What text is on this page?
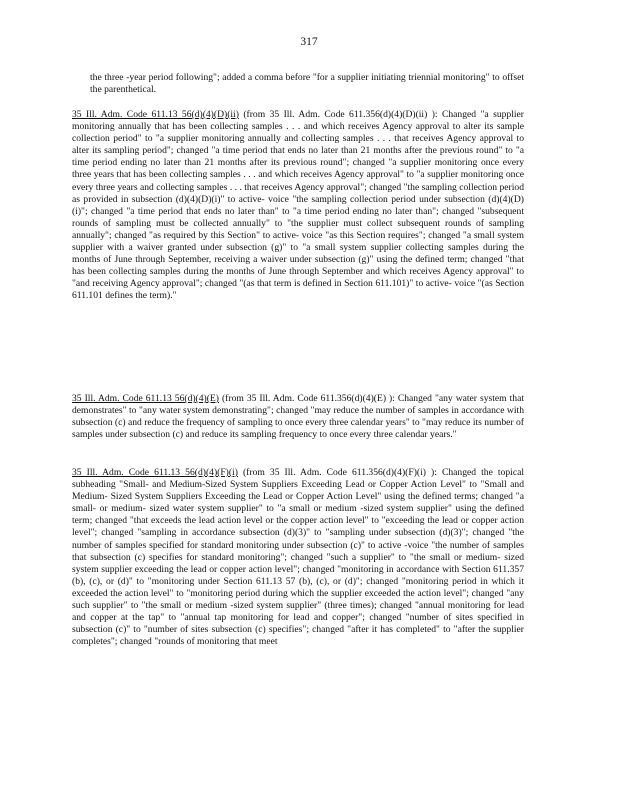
317

the three -year period following"; added a comma before "for a supplier initiating triennial monitoring" to offset the parenthetical.

35 Ill. Adm. Code 611.13 56(d)(4)(D)(ii) (from 35 Ill. Adm. Code 611.356(d)(4)(D)(ii) ): Changed "a supplier monitoring annually that has been collecting samples . . . and which receives Agency approval to alter its sample collection period" to "a supplier monitoring annually and collecting samples . . . that receives Agency approval to alter its sampling period"; changed "a time period that ends no later than 21 months after the previous round" to "a time period ending no later than 21 months after its previous round"; changed "a supplier monitoring once every three years that has been collecting samples . . . and which receives Agency approval" to "a supplier monitoring once every three years and collecting samples . . . that receives Agency approval"; changed "the sampling collection period as provided in subsection (d)(4)(D)(i)" to active- voice "the sampling collection period under subsection (d)(4)(D)(i)"; changed "a time period that ends no later than" to "a time period ending no later than"; changed "subsequent rounds of sampling must be collected annually" to "the supplier must collect subsequent rounds of sampling annually"; changed "as required by this Section" to active- voice "as this Section requires"; changed "a small system supplier with a waiver granted under subsection (g)" to "a small system supplier collecting samples during the months of June through September, receiving a waiver under subsection (g)" using the defined term; changed "that has been collecting samples during the months of June through September and which receives Agency approval" to "and receiving Agency approval"; changed "(as that term is defined in Section 611.101)" to active- voice "(as Section 611.101 defines the term)."

35 Ill. Adm. Code 611.13 56(d)(4)(E) (from 35 Ill. Adm. Code 611.356(d)(4)(E) ): Changed "any water system that demonstrates" to "any water system demonstrating"; changed "may reduce the number of samples in accordance with subsection (c) and reduce the frequency of sampling to once every three calendar years" to "may reduce its number of samples under subsection (c) and reduce its sampling frequency to once every three calendar years."

35 Ill. Adm. Code 611.13 56(d)(4)(F)(i) (from 35 Ill. Adm. Code 611.356(d)(4)(F)(i) ): Changed the topical subheading "Small- and Medium-Sized System Suppliers Exceeding Lead or Copper Action Level" to "Small and Medium- Sized System Suppliers Exceeding the Lead or Copper Action Level" using the defined terms; changed "a small- or medium- sized water system supplier" to "a small or medium -sized system supplier" using the defined term; changed "that exceeds the lead action level or the copper action level" to "exceeding the lead or copper action level"; changed "sampling in accordance subsection (d)(3)" to "sampling under subsection (d)(3)"; changed "the number of samples specified for standard monitoring under subsection (c)" to active -voice "the number of samples that subsection (c) specifies for standard monitoring"; changed "such a supplier" to "the small or medium- sized system supplier exceeding the lead or copper action level"; changed "monitoring in accordance with Section 611.357 (b), (c), or (d)" to "monitoring under Section 611.13 57 (b), (c), or (d)"; changed "monitoring period in which it exceeded the action level" to "monitoring period during which the supplier exceeded the action level"; changed "any such supplier" to "the small or medium -sized system supplier" (three times); changed "annual monitoring for lead and copper at the tap" to "annual tap monitoring for lead and copper"; changed "number of sites specified in subsection (c)" to "number of sites subsection (c) specifies"; changed "after it has completed" to "after the supplier completes"; changed "rounds of monitoring that meet
